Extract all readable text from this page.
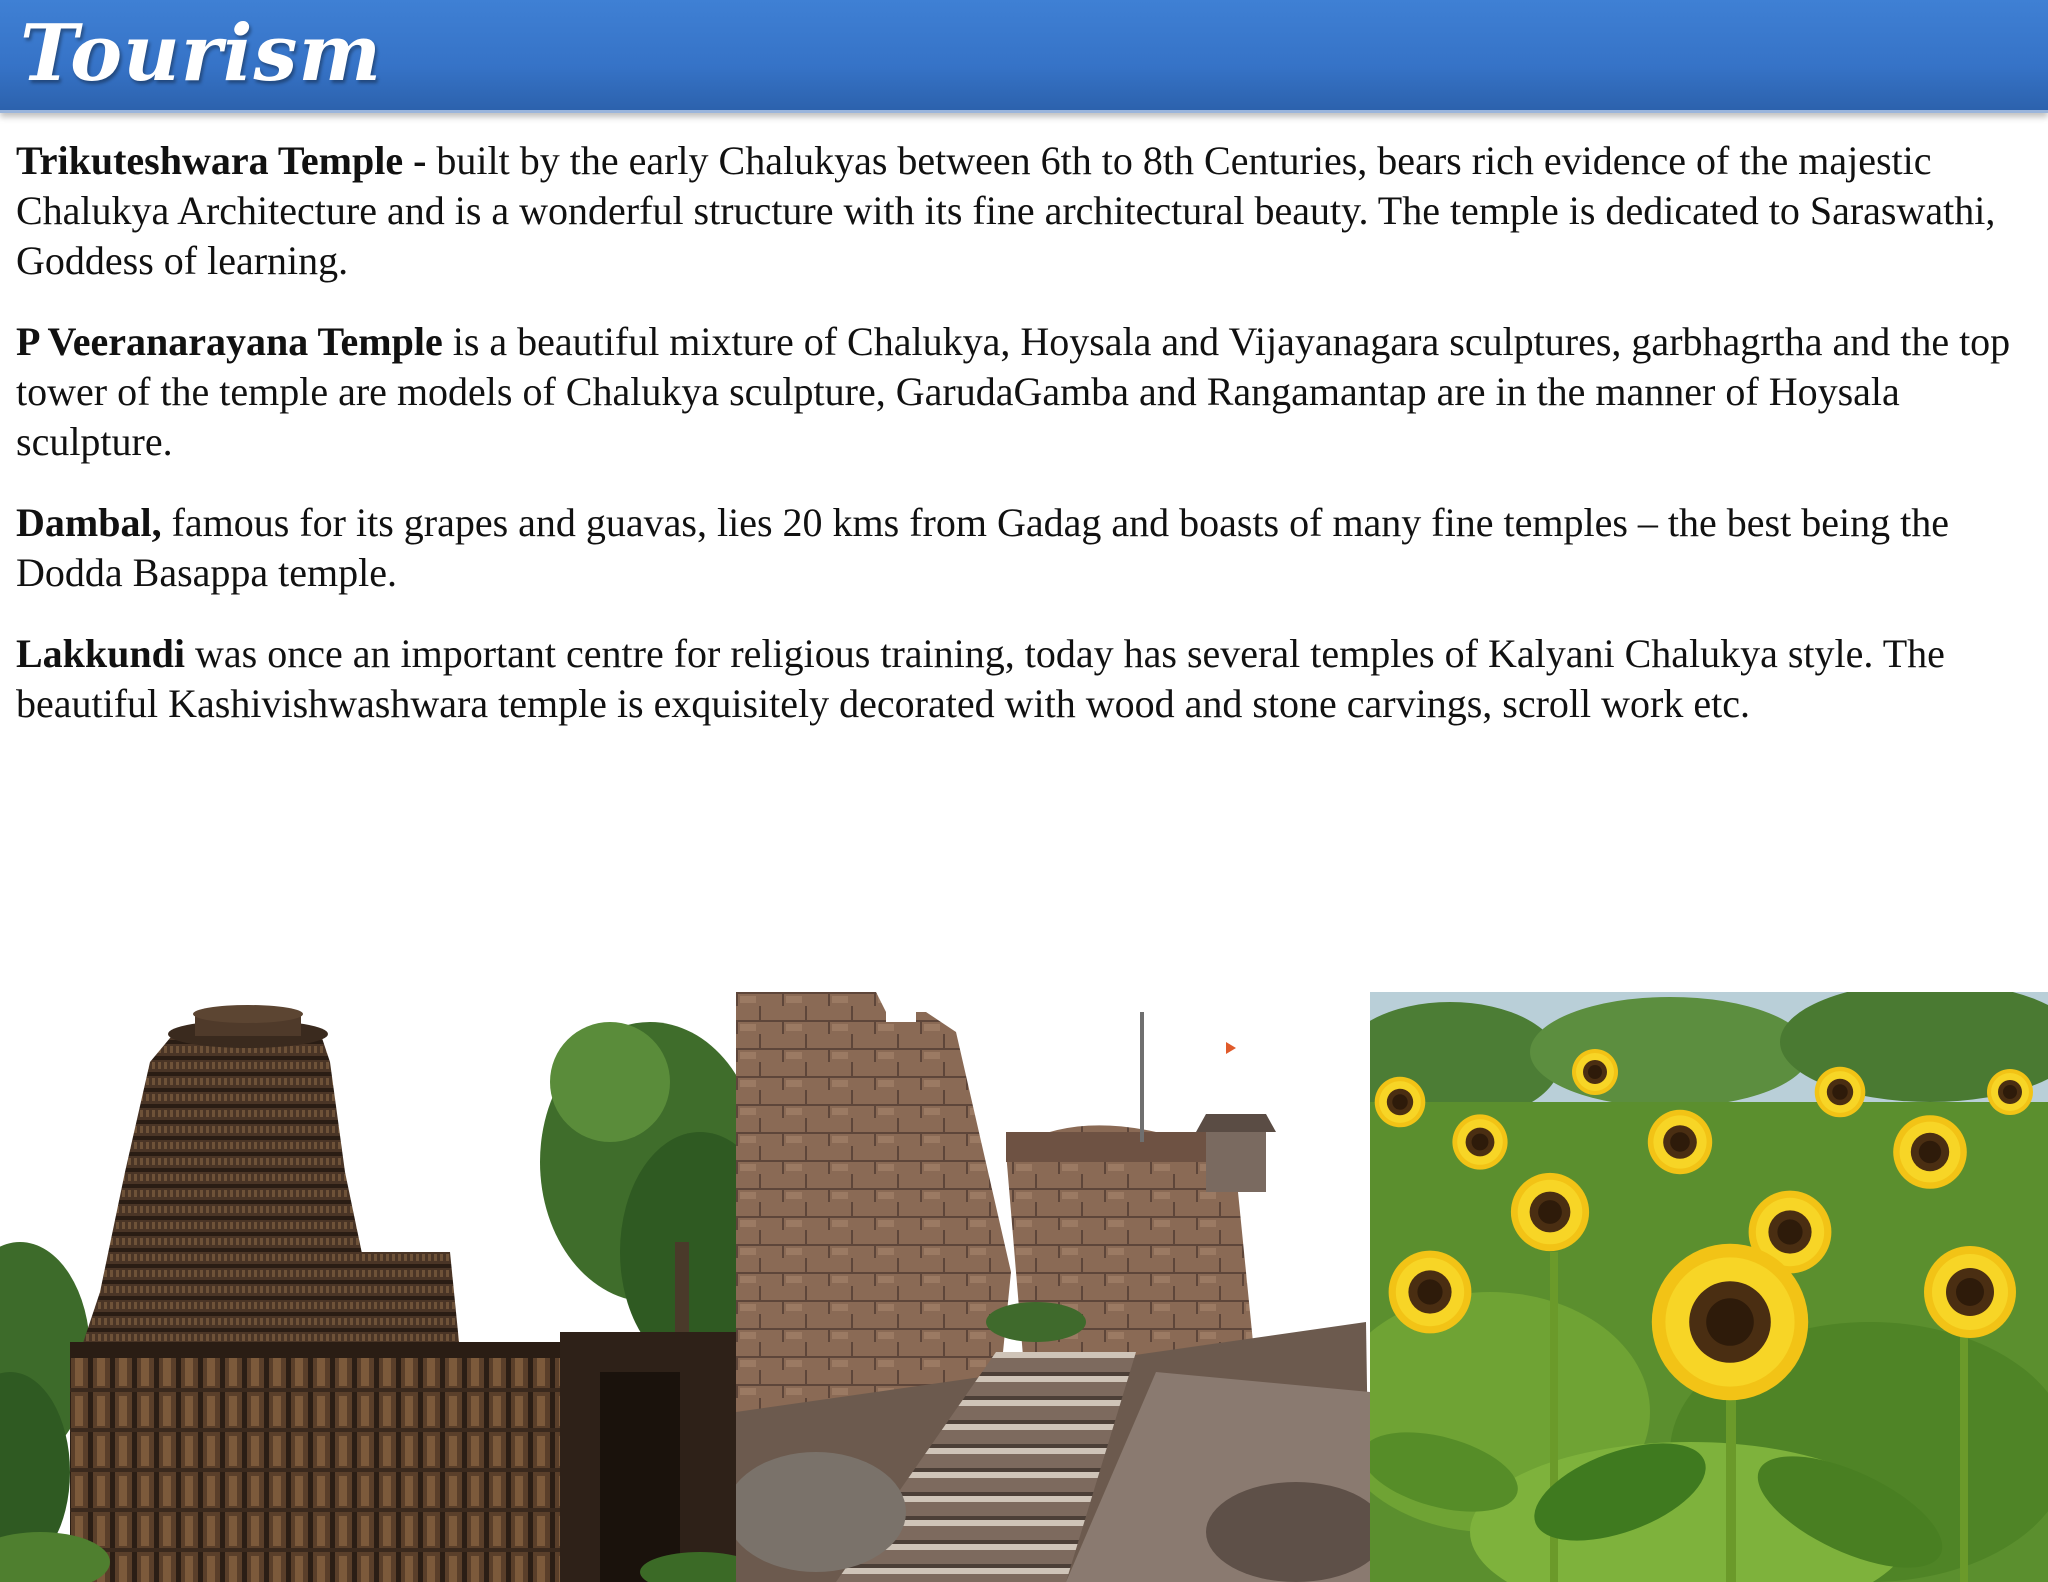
Tourism

Trikuteshwara Temple - built by the early Chalukyas between 6th to 8th Centuries, bears rich evidence of the majestic Chalukya Architecture and is a wonderful structure with its fine architectural beauty. The temple is dedicated to Saraswathi, Goddess of learning.

P Veeranarayana Temple is a beautiful mixture of Chalukya, Hoysala and Vijayanagara sculptures, garbhagrtha and the top tower of the temple are models of Chalukya sculpture, GarudaGamba and Rangamantap are in the manner of Hoysala sculpture.

Dambal, famous for its grapes and guavas, lies 20 kms from Gadag and boasts of many fine temples – the best being the Dodda Basappa temple.

Lakkundi was once an important centre for religious training, today has several temples of Kalyani Chalukya style. The beautiful Kashivishwashwara temple is exquisitely decorated with wood and stone carvings, scroll work etc.
